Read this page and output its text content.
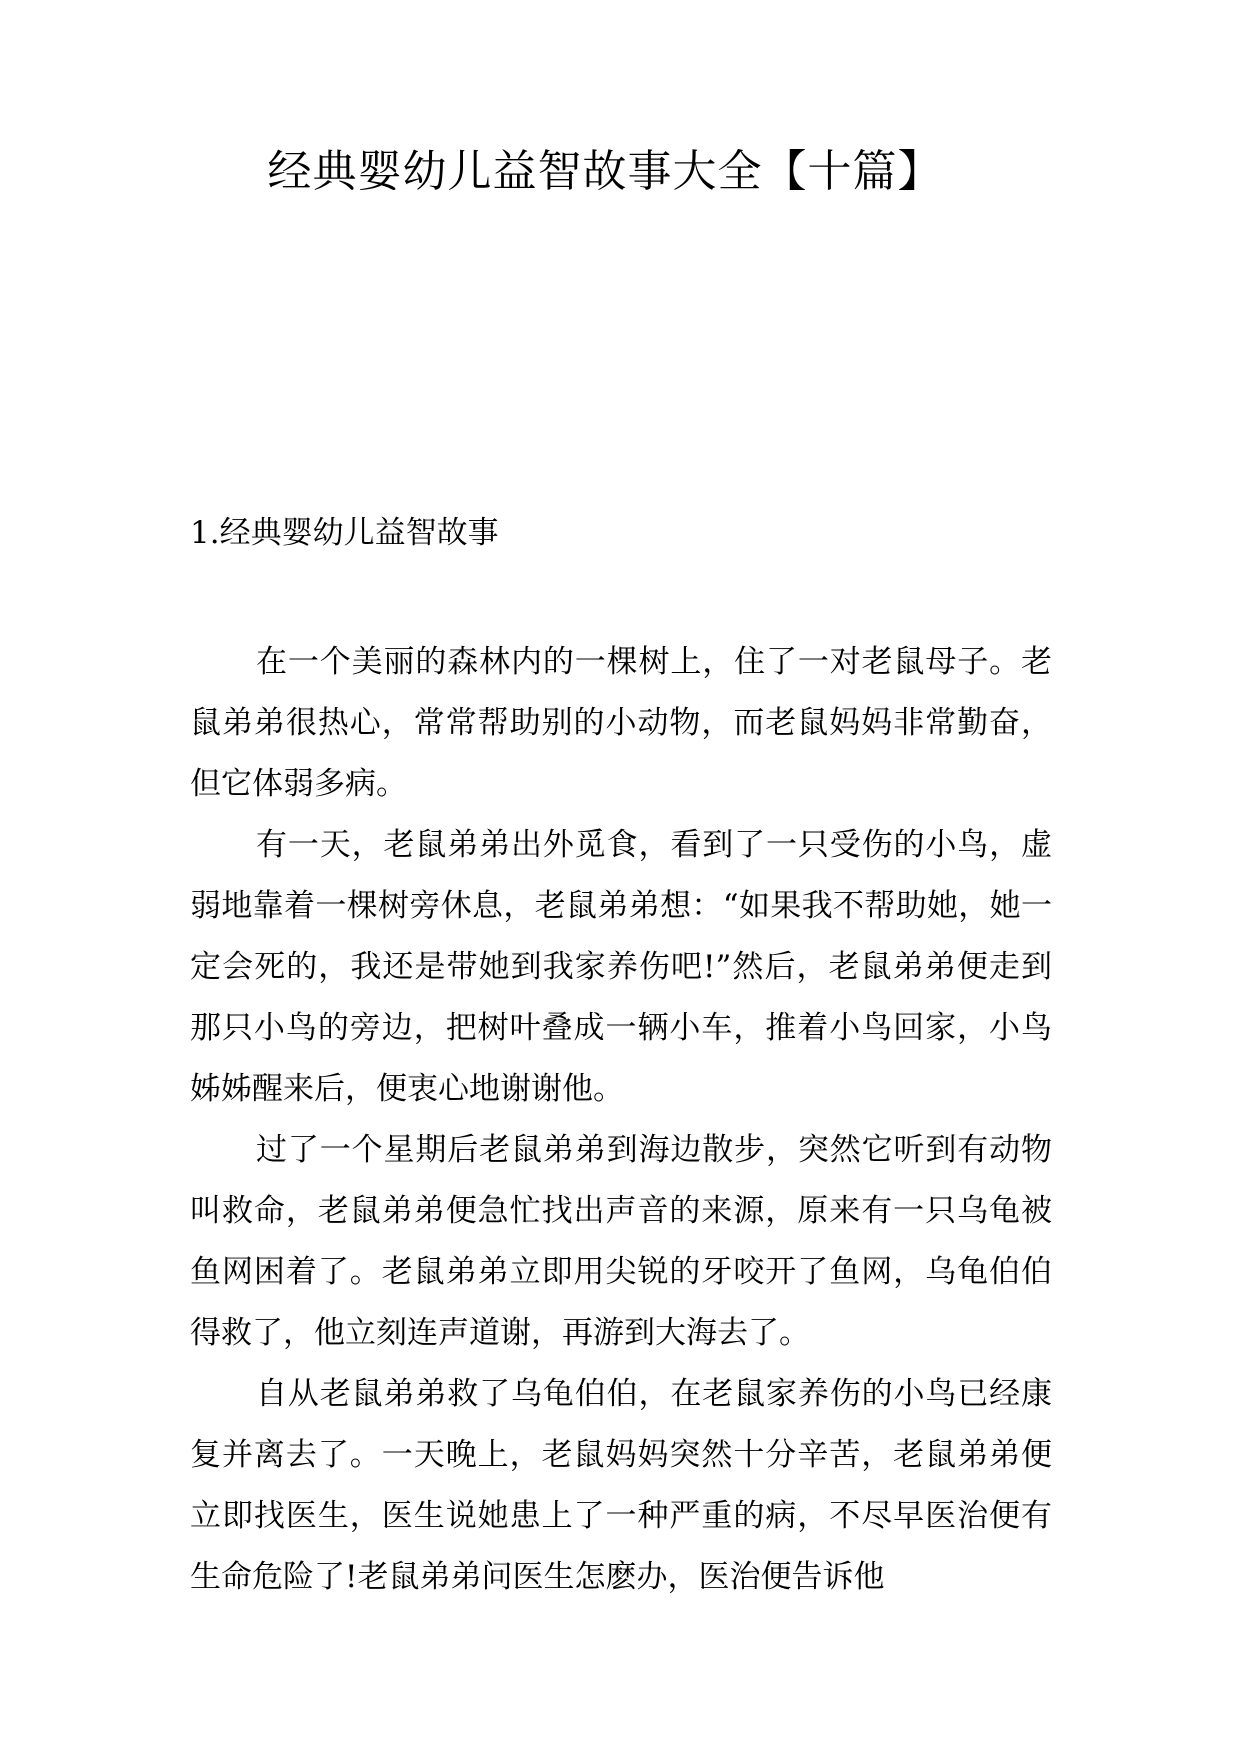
经典婴幼儿益智故事大全【十篇】
1.经典婴幼儿益智故事

在一个美丽的森林内的一棵树上，住了一对老鼠母子。老鼠弟弟很热心，常常帮助别的小动物，而老鼠妈妈非常勤奋，但它体弱多病。

有一天，老鼠弟弟出外觅食，看到了一只受伤的小鸟，虚弱地靠着一棵树旁休息，老鼠弟弟想：“如果我不帮助她，她一定会死的，我还是带她到我家养伤吧!”然后，老鼠弟弟便走到那只小鸟的旁边，把树叶叠成一辆小车，推着小鸟回家，小鸟姊姊醒来后，便衷心地谢谢他。

过了一个星期后老鼠弟弟到海边散步，突然它听到有动物叫救命，老鼠弟弟便急忙找出声音的来源，原来有一只乌龟被鱼网困着了。老鼠弟弟立即用尖锐的牙咬开了鱼网，乌龟伯伯得救了，他立刻连声道谢，再游到大海去了。

自从老鼠弟弟救了乌龟伯伯，在老鼠家养伤的小鸟已经康复并离去了。一天晚上，老鼠妈妈突然十分辛苦，老鼠弟弟便立即找医生，医生说她患上了一种严重的病，不尽早医治便有生命危险了!老鼠弟弟问医生怎麽办，医治便告诉他
